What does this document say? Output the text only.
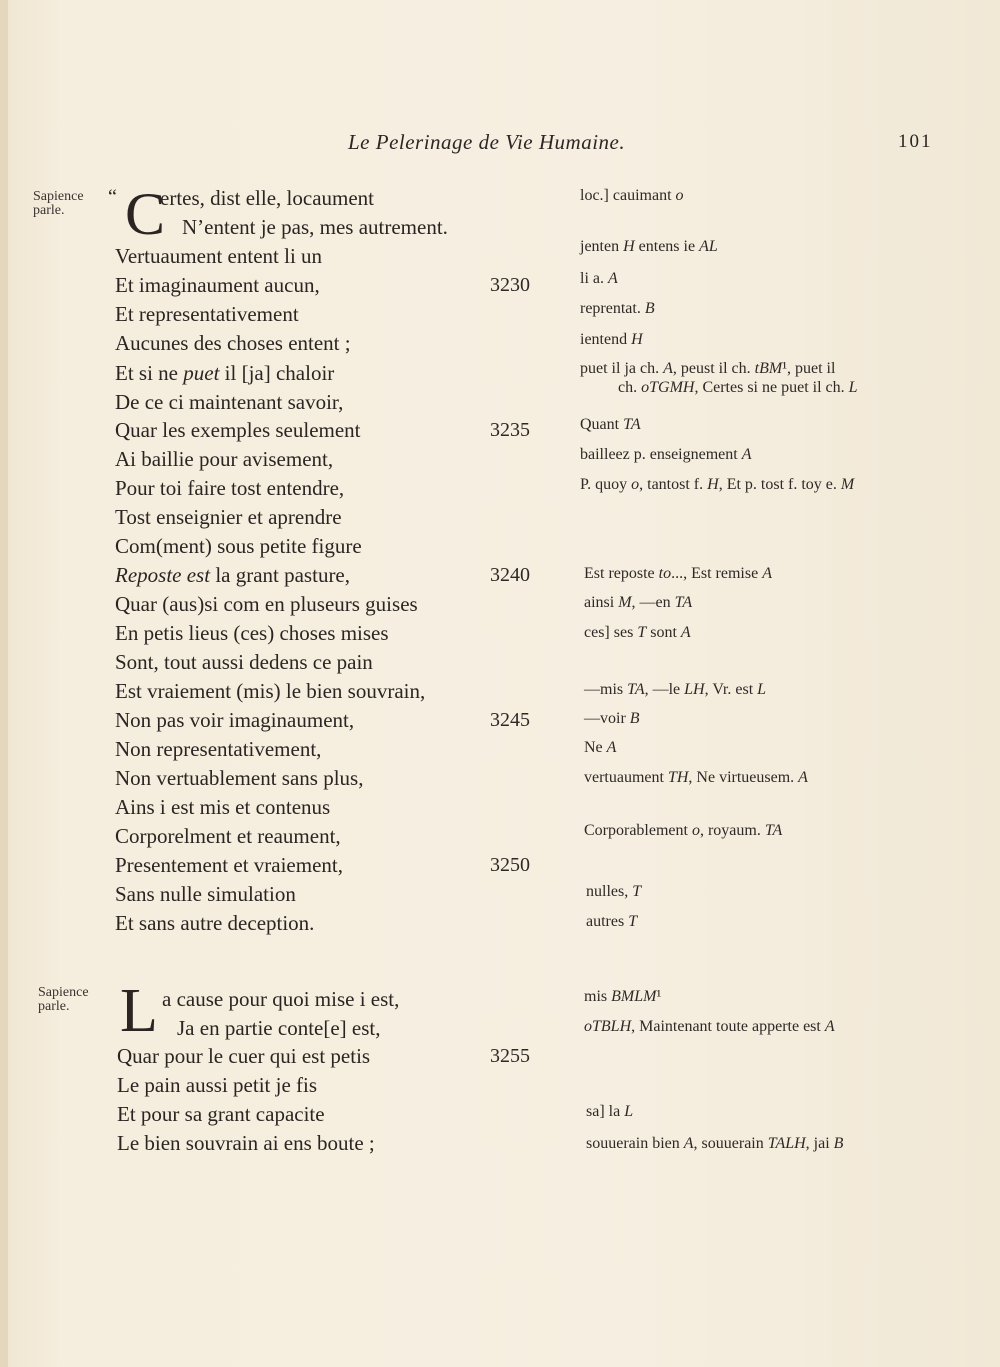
Le Pelerinage de Vie Humaine.	101
Sapience parle.
Sapience parle.
“ C
L
ertes, dist elle, locaument
N’entent je pas, mes autrement.
Vertuaument entent li un
Et imaginaument aucun,	3230
Et representativement
Aucunes des choses entent ;
Et si ne puet il [ja] chaloir
De ce ci maintenant savoir,
Quar les exemples seulement	3235
Ai baillie pour avisement,
Pour toi faire tost entendre,
Tost enseignier et aprendre
Com(ment) sous petite figure
Reposte est la grant pasture,	3240
Quar (aus)si com en pluseurs guises
En petis lieus (ces) choses mises
Sont, tout aussi dedens ce pain
Est vraiement (mis) le bien souvrain,
Non pas voir imaginaument,	3245
Non representativement,
Non vertuablement sans plus,
Ains i est mis et contenus
Corporelment et reaument,
Presentement et vraiement,	3250
Sans nulle simulation
Et sans autre deception.
a cause pour quoi mise i est,
Ja en partie conte[e] est,
Quar pour le cuer qui est petis	3255
Le pain aussi petit je fis
Et pour sa grant capacite
Le bien souvrain ai ens boute ;
loc.] cauimant o
jenten H entens ie AL
li a. A
reprentat. B
ientend H
puet il ja ch. A, peust il ch. tBM¹, puet il
ch. oTGMH, Certes si ne puet il ch. L
Quant TA
bailleez p. enseignement A
P. quoy o, tantost f. H, Et p. tost f. toy e. M
Est reposte to..., Est remise A
ainsi M, —en TA
ces] ses T sont A
—mis TA, —le LH, Vr. est L
—voir B
Ne A
vertuaument TH, Ne virtueusem. A
Corporablement o, royaum. TA
nulles, T
autres T
mis BMLM¹
oTBLH, Maintenant toute apperte est A
sa] la L
souuerain bien A, souuerain TALH, jai B
